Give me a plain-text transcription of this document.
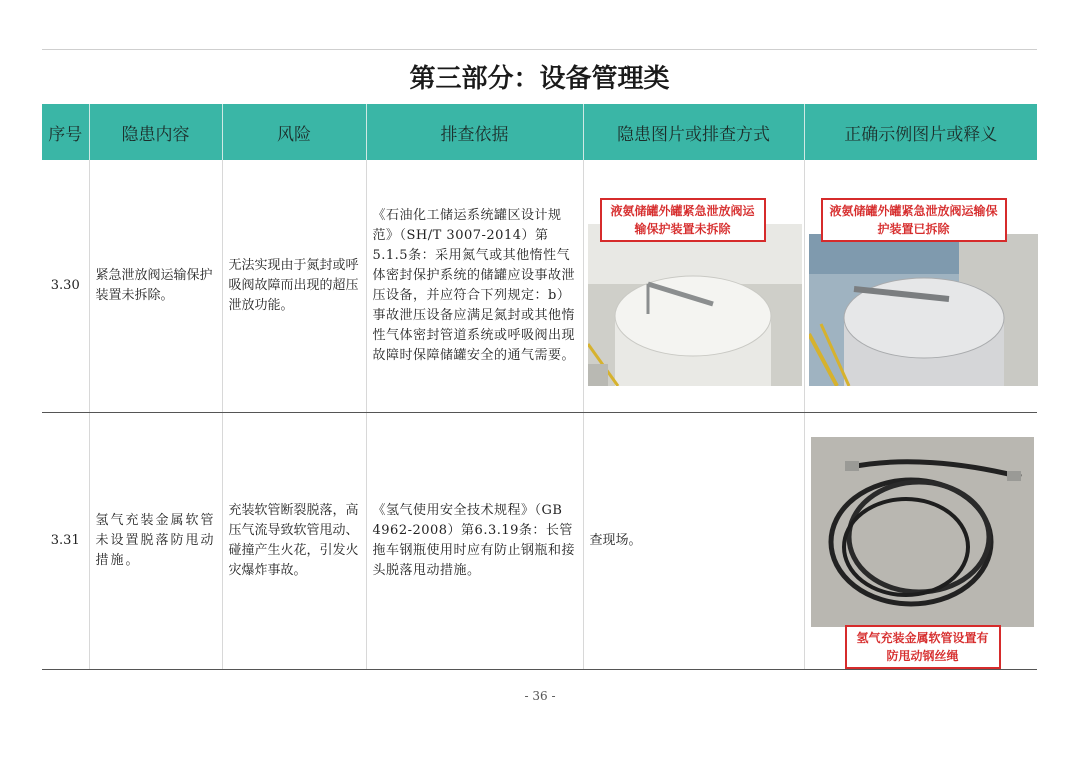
第三部分：设备管理类
序号	隐患内容	风险	排查依据	隐患图片或排查方式	正确示例图片或释义
3.30	紧急泄放阀运输保护装置未拆除。	无法实现由于氮封或呼吸阀故障而出现的超压泄放功能。	《石油化工储运系统罐区设计规范》（SH/T 3007-2014）第5.1.5条：采用氮气或其他惰性气体密封保护系统的储罐应设事故泄压设备，并应符合下列规定：b）事故泄压设备应满足氮封或其他惰性气体密封管道系统或呼吸阀出现故障时保障储罐安全的通气需要。	液氨储罐外罐紧急泄放阀运输保护装置未拆除	液氨储罐外罐紧急泄放阀运输保护装置已拆除

3.31	氢气充装金属软管未设置脱落防甩动措施。	充装软管断裂脱落，高压气流导致软管甩动、碰撞产生火花，引发火灾爆炸事故。	《氢气使用安全技术规程》（GB 4962-2008）第6.3.19条：长管拖车钢瓶使用时应有防止钢瓶和接头脱落甩动措施。	查现场。	氢气充装金属软管设置有防甩动钢丝绳
- 36 -
